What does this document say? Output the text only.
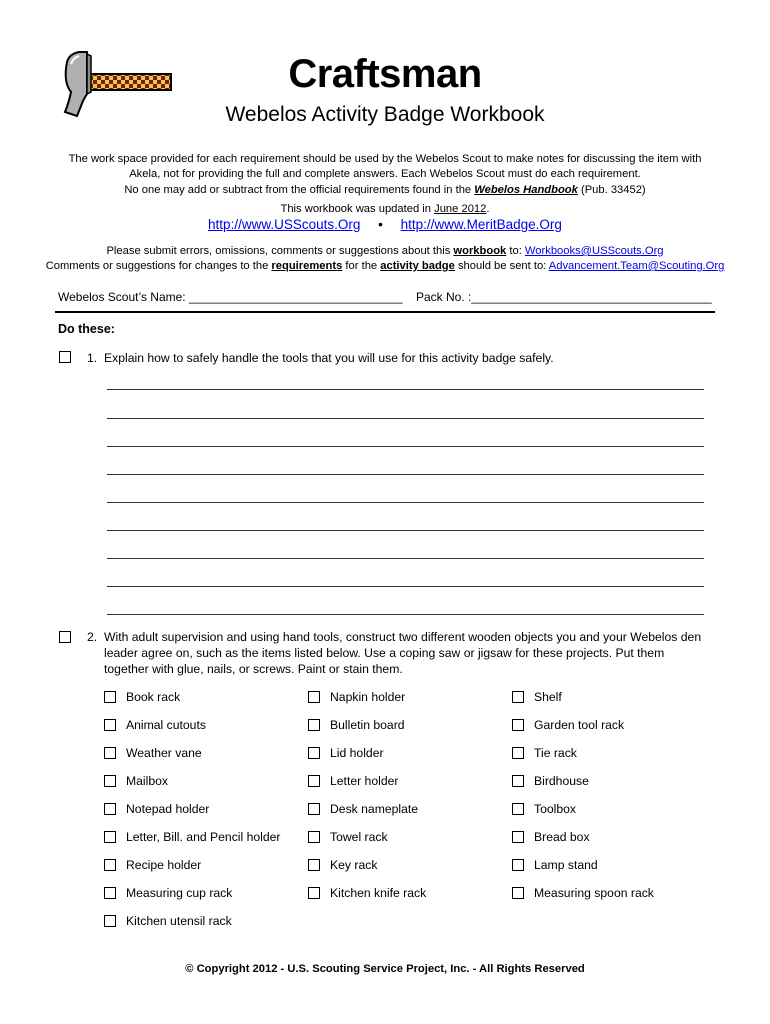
Craftsman
Webelos Activity Badge Workbook
The work space provided for each requirement should be used by the Webelos Scout to make notes for discussing the item with Akela, not for providing the full and complete answers. Each Webelos Scout must do each requirement.
No one may add or subtract from the official requirements found in the Webelos Handbook (Pub. 33452)
This workbook was updated in June 2012.
http://www.USScouts.Org • http://www.MeritBadge.Org
Please submit errors, omissions, comments or suggestions about this workbook to: Workbooks@USScouts.Org
Comments or suggestions for changes to the requirements for the activity badge should be sent to: Advancement.Team@Scouting.Org
Webelos Scout’s Name: ________________________________ Pack No. :____________________________________
Do these:
1. Explain how to safely handle the tools that you will use for this activity badge safely.
2. With adult supervision and using hand tools, construct two different wooden objects you and your Webelos den leader agree on, such as the items listed below. Use a coping saw or jigsaw for these projects. Put them together with glue, nails, or screws. Paint or stain them.
Book rack
Animal cutouts
Weather vane
Mailbox
Notepad holder
Letter, Bill. and Pencil holder
Recipe holder
Measuring cup rack
Kitchen utensil rack
Napkin holder
Bulletin board
Lid holder
Letter holder
Desk nameplate
Towel rack
Key rack
Kitchen knife rack
Shelf
Garden tool rack
Tie rack
Birdhouse
Toolbox
Bread box
Lamp stand
Measuring spoon rack
© Copyright 2012 - U.S. Scouting Service Project, Inc. - All Rights Reserved
